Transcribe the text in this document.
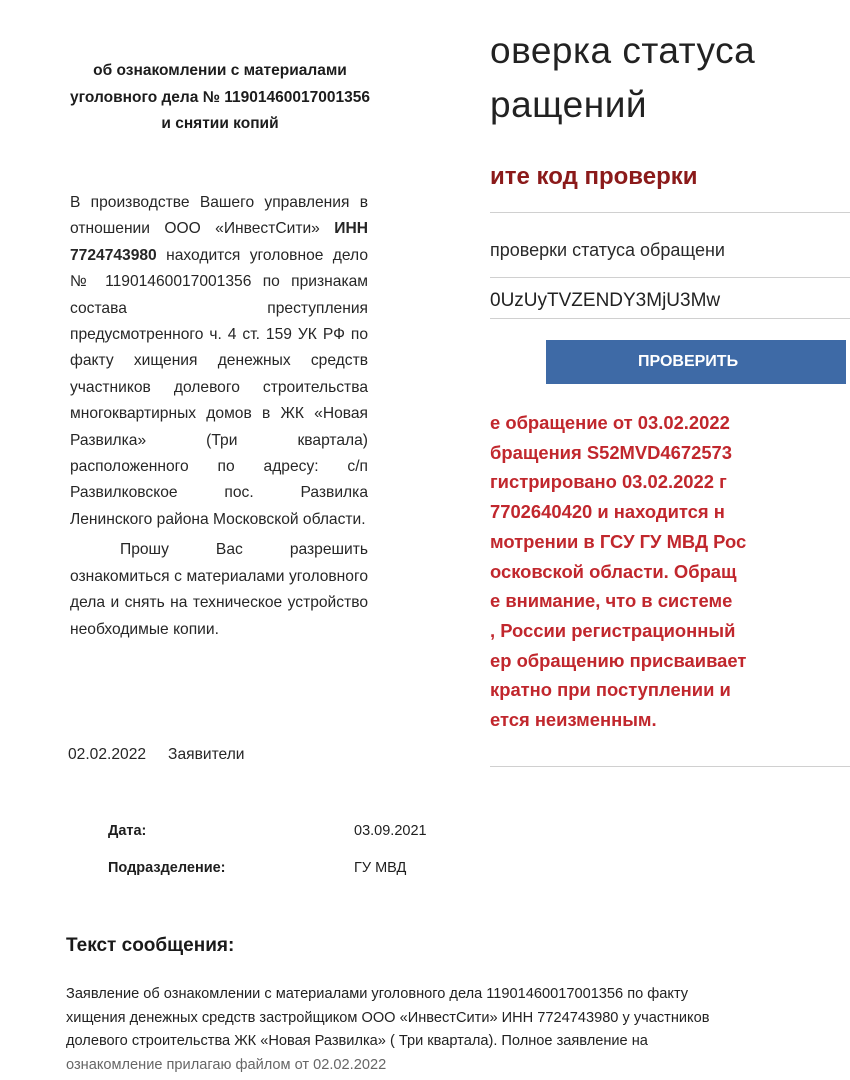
об ознакомлении с материалами уголовного дела № 11901460017001356 и снятии копий

В производстве Вашего управления в отношении ООО «ИнвестСити» ИНН 7724743980 находится уголовное дело № 11901460017001356 по признакам состава преступления предусмотренного ч. 4 ст. 159 УК РФ по факту хищения денежных средств участников долевого строительства многоквартирных домов в ЖК «Новая Развилка» (Три квартала) расположенного по адресу: с/п Развилковское пос. Развилка Ленинского района Московской области.

Прошу Вас разрешить ознакомиться с материалами уголовного дела и снять на техническое устройство необходимые копии.

02.02.2022 Заявители
оверка статуса
ращений
ите код проверки
проверки статуса обращени
0UzUyTVZENDY3MjU3Mw
ПРОВЕРИТЬ
е обращение от 03.02.2022
бращения S52MVD4672573
гистрировано 03.02.2022 г
7702640420 и находится н
мотрении в ГСУ ГУ МВД Рос
осковской области. Обращ
е внимание, что в системе
, России регистрационный
ер обращению присваивает
кратно при поступлении и
ется неизменным.
Дата:	03.09.2021
Подразделение:	ГУ МВД
Текст сообщения:
Заявление об ознакомлении с материалами уголовного дела 11901460017001356 по факту
хищения денежных средств застройщиком ООО «ИнвестСити» ИНН 7724743980 у участников
долевого строительства ЖК «Новая Развилка» ( Три квартала). Полное заявление на
ознакомление прилагаю файлом от 02.02.2022
